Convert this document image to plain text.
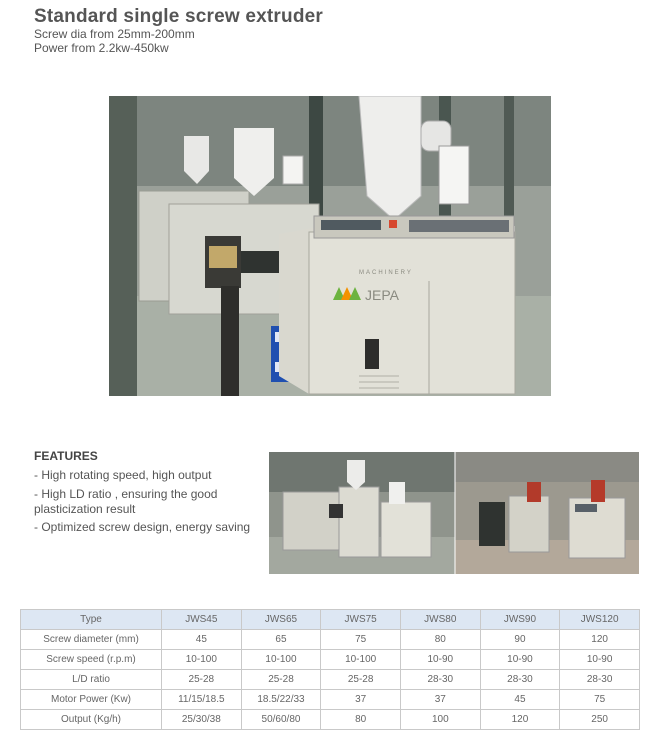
Standard single screw extruder
Screw dia from 25mm-200mm
Power from 2.2kw-450kw
MACHINERY
JEPA
FEATURES
- High rotating speed, high output
- High LD ratio , ensuring the good plasticization result
- Optimized screw design, energy saving
Type	JWS45	JWS65	JWS75	JWS80	JWS90	JWS120
Screw diameter (mm)	45	65	75	80	90	120
Screw speed (r.p.m)	10-100	10-100	10-100	10-90	10-90	10-90
L/D ratio	25-28	25-28	25-28	28-30	28-30	28-30
Motor Power (Kw)	11/15/18.5	18.5/22/33	37	37	45	75
Output (Kg/h)	25/30/38	50/60/80	80	100	120	250
